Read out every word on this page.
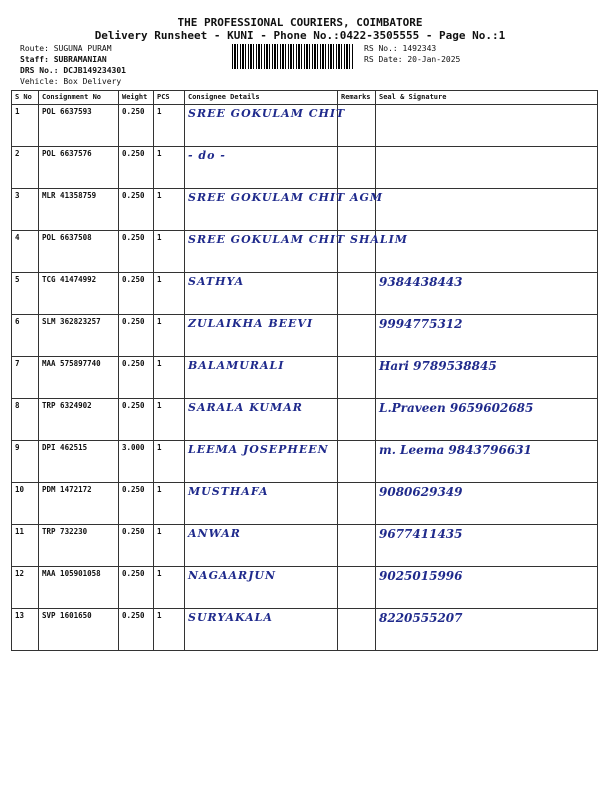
THE PROFESSIONAL COURIERS, COIMBATORE
Delivery Runsheet - KUNI - Phone No.:0422-3505555 - Page No.:1
Route: SUGUNA PURAM
Staff: SUBRAMANIAN
DRS No.: DCJB149234301
Vehicle: Box Delivery
RS No.: 1492343
RS Date: 20-Jan-2025
S No	Consignment No	Weight	PCS	Consignee Details	Remarks	Seal & Signature
1	POL 6637593	0.250	1	SREE GOKULAM CHIT		
2	POL 6637576	0.250	1	- do -		
3	MLR 41358759	0.250	1	SREE GOKULAM CHIT AGM		
4	POL 6637508	0.250	1	SREE GOKULAM CHIT SHALIM		
5	TCG 41474992	0.250	1	SATHYA		9384438443
6	SLM 362823257	0.250	1	ZULAIKHA BEEVI		9994775312
7	MAA 575897740	0.250	1	BALAMURALI		Hari 9789538845
8	TRP 6324902	0.250	1	SARALA KUMAR		L.Praveen 9659602685
9	DPI 462515	3.000	1	LEEMA JOSEPHEEN		m. Leema 9843796631
10	PDM 1472172	0.250	1	MUSTHAFA		9080629349
11	TRP 732230	0.250	1	ANWAR		9677411435
12	MAA 105901058	0.250	1	NAGAARJUN		9025015996
13	SVP 1601650	0.250	1	SURYAKALA		8220555207
